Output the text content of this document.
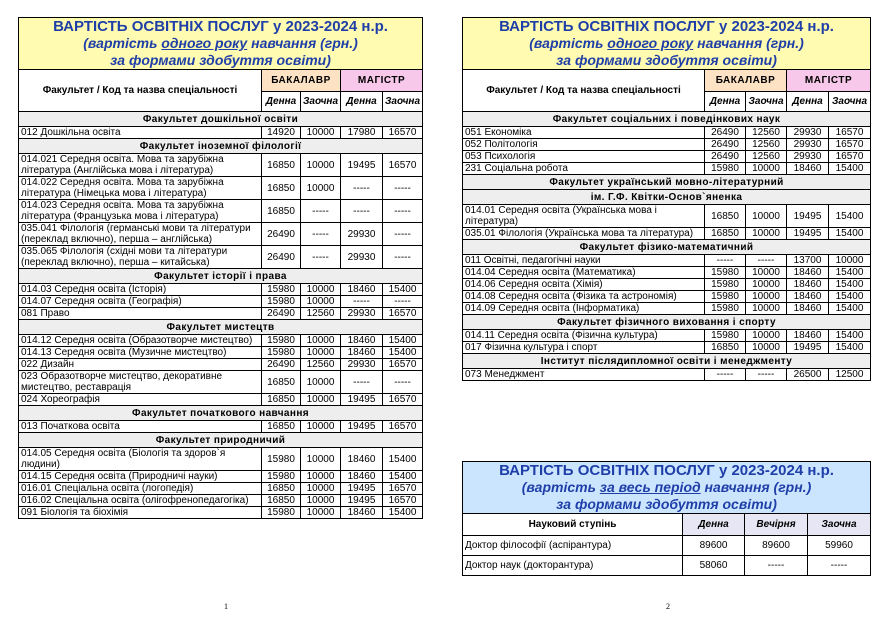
ВАРТІСТЬ ОСВІТНІХ ПОСЛУГ у 2023-2024 н.р.
(вартість одного року навчання (грн.)
за формами здобуття освіти)				

Факультет / Код та назва спеціальності	БАКАЛАВР		МАГІСТР	
	Денна	Заочна	Денна	Заочна
Факультет дошкільної освіти				
012 Дошкільна освіта	14920	10000	17980	16570
Факультет іноземної філології				
014.021 Середня освіта. Мова та зарубіжна література (Англійська мова і література)	16850	10000	19495	16570
014.022 Середня освіта. Мова та зарубіжна література (Німецька мова і література)	16850	10000	-----	-----
014.023 Середня освіта. Мова та зарубіжна література (Французька мова і література)	16850	-----	-----	-----
035.041 Філологія (германські мови та літератури (переклад включно), перша – англійська)	26490	-----	29930	-----
035.065 Філологія (східні мови та літератури (переклад включно), перша – китайська)	26490	-----	29930	-----
Факультет історії і права				
014.03 Середня освіта (Історія)	15980	10000	18460	15400
014.07 Середня освіта (Географія)	15980	10000	-----	-----
081 Право	26490	12560	29930	16570
Факультет мистецтв				
014.12 Середня освіта (Образотворче мистецтво)	15980	10000	18460	15400
014.13 Середня освіта (Музичне мистецтво)	15980	10000	18460	15400
022 Дизайн	26490	12560	29930	16570
023 Образотворче мистецтво, декоративне мистецтво, реставрація	16850	10000	-----	-----
024 Хореографія	16850	10000	19495	16570
Факультет початкового навчання				
013 Початкова освіта	16850	10000	19495	16570
Факультет природничий				
014.05 Середня освіта (Біологія та здоров`я людини)	15980	10000	18460	15400
014.15 Середня освіта (Природничі науки)	15980	10000	18460	15400
016.01 Спеціальна освіта (логопедія)	16850	10000	19495	16570
016.02 Спеціальна освіта (олігофренопедагогіка)	16850	10000	19495	16570
091 Біологія та біохімія	15980	10000	18460	15400
1
ВАРТІСТЬ ОСВІТНІХ ПОСЛУГ у 2023-2024 н.р.
(вартість одного року навчання (грн.)
за формами здобуття освіти)				

Факультет / Код та назва спеціальності	БАКАЛАВР		МАГІСТР	
	Денна	Заочна	Денна	Заочна
Факультет соціальних і поведінкових наук				
051 Економіка	26490	12560	29930	16570
052 Політологія	26490	12560	29930	16570
053 Психологія	26490	12560	29930	16570
231 Соціальна робота	15980	10000	18460	15400
Факультет український мовно-літературний				
ім. Г.Ф. Квітки-Основ`яненка				
014.01 Середня освіта (Українська мова і література)	16850	10000	19495	15400
035.01 Філологія (Українська мова та література)	16850	10000	19495	15400
Факультет фізико-математичний				
011 Освітні, педагогічні науки	-----	-----	13700	10000
014.04 Середня освіта (Математика)	15980	10000	18460	15400
014.06 Середня освіта (Хімія)	15980	10000	18460	15400
014.08 Середня освіта (Фізика та астрономія)	15980	10000	18460	15400
014.09 Середня освіта (Інформатика)	15980	10000	18460	15400
Факультет фізичного виховання і спорту				
014.11 Середня освіта (Фізична культура)	15980	10000	18460	15400
017 Фізична культура і спорт	16850	10000	19495	15400
Інститут післядипломної освіти і менеджменту				
073 Менеджмент	-----	-----	26500	12500
ВАРТІСТЬ ОСВІТНІХ ПОСЛУГ у 2023-2024 н.р.
(вартість за весь період навчання (грн.)
за формами здобуття освіти)			

Науковий ступінь	Денна	Вечірня	Заочна
Доктор філософії (аспірантура)	89600	89600	59960
Доктор наук (докторантура)	58060	-----	-----
2
